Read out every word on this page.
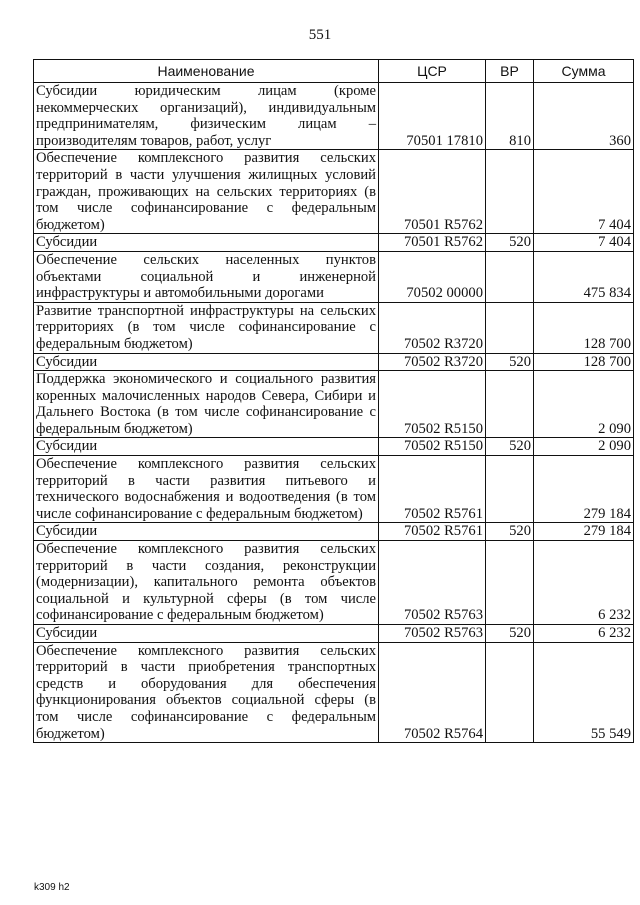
551
Наименование	ЦСР	ВР	Сумма
Субсидии юридическим лицам (кроме некоммерческих организаций), индивидуальным предпринимателям, физическим лицам – производителям товаров, работ, услуг	70501 17810	810	360
Обеспечение комплексного развития сельских территорий в части улучшения жилищных условий граждан, проживающих на сельских территориях (в том числе софинансирование с федеральным бюджетом)	70501 R5762		7 404
Субсидии	70501 R5762	520	7 404
Обеспечение сельских населенных пунктов объектами социальной и инженерной инфраструктуры и автомобильными дорогами	70502 00000		475 834
Развитие транспортной инфраструктуры на сельских территориях (в том числе софинансирование с федеральным бюджетом)	70502 R3720		128 700
Субсидии	70502 R3720	520	128 700
Поддержка экономического и социального развития коренных малочисленных народов Севера, Сибири и Дальнего Востока (в том числе софинансирование с федеральным бюджетом)	70502 R5150		2 090
Субсидии	70502 R5150	520	2 090
Обеспечение комплексного развития сельских территорий в части развития питьевого и технического водоснабжения и водоотведения (в том числе софинансирование с федеральным бюджетом)	70502 R5761		279 184
Субсидии	70502 R5761	520	279 184
Обеспечение комплексного развития сельских территорий в части создания, реконструкции (модернизации), капитального ремонта объектов социальной и культурной сферы (в том числе софинансирование с федеральным бюджетом)	70502 R5763		6 232
Субсидии	70502 R5763	520	6 232
Обеспечение комплексного развития сельских территорий в части приобретения транспортных средств и оборудования для обеспечения функционирования объектов социальной сферы (в том числе софинансирование с федеральным бюджетом)	70502 R5764		55 549
k309 h2
